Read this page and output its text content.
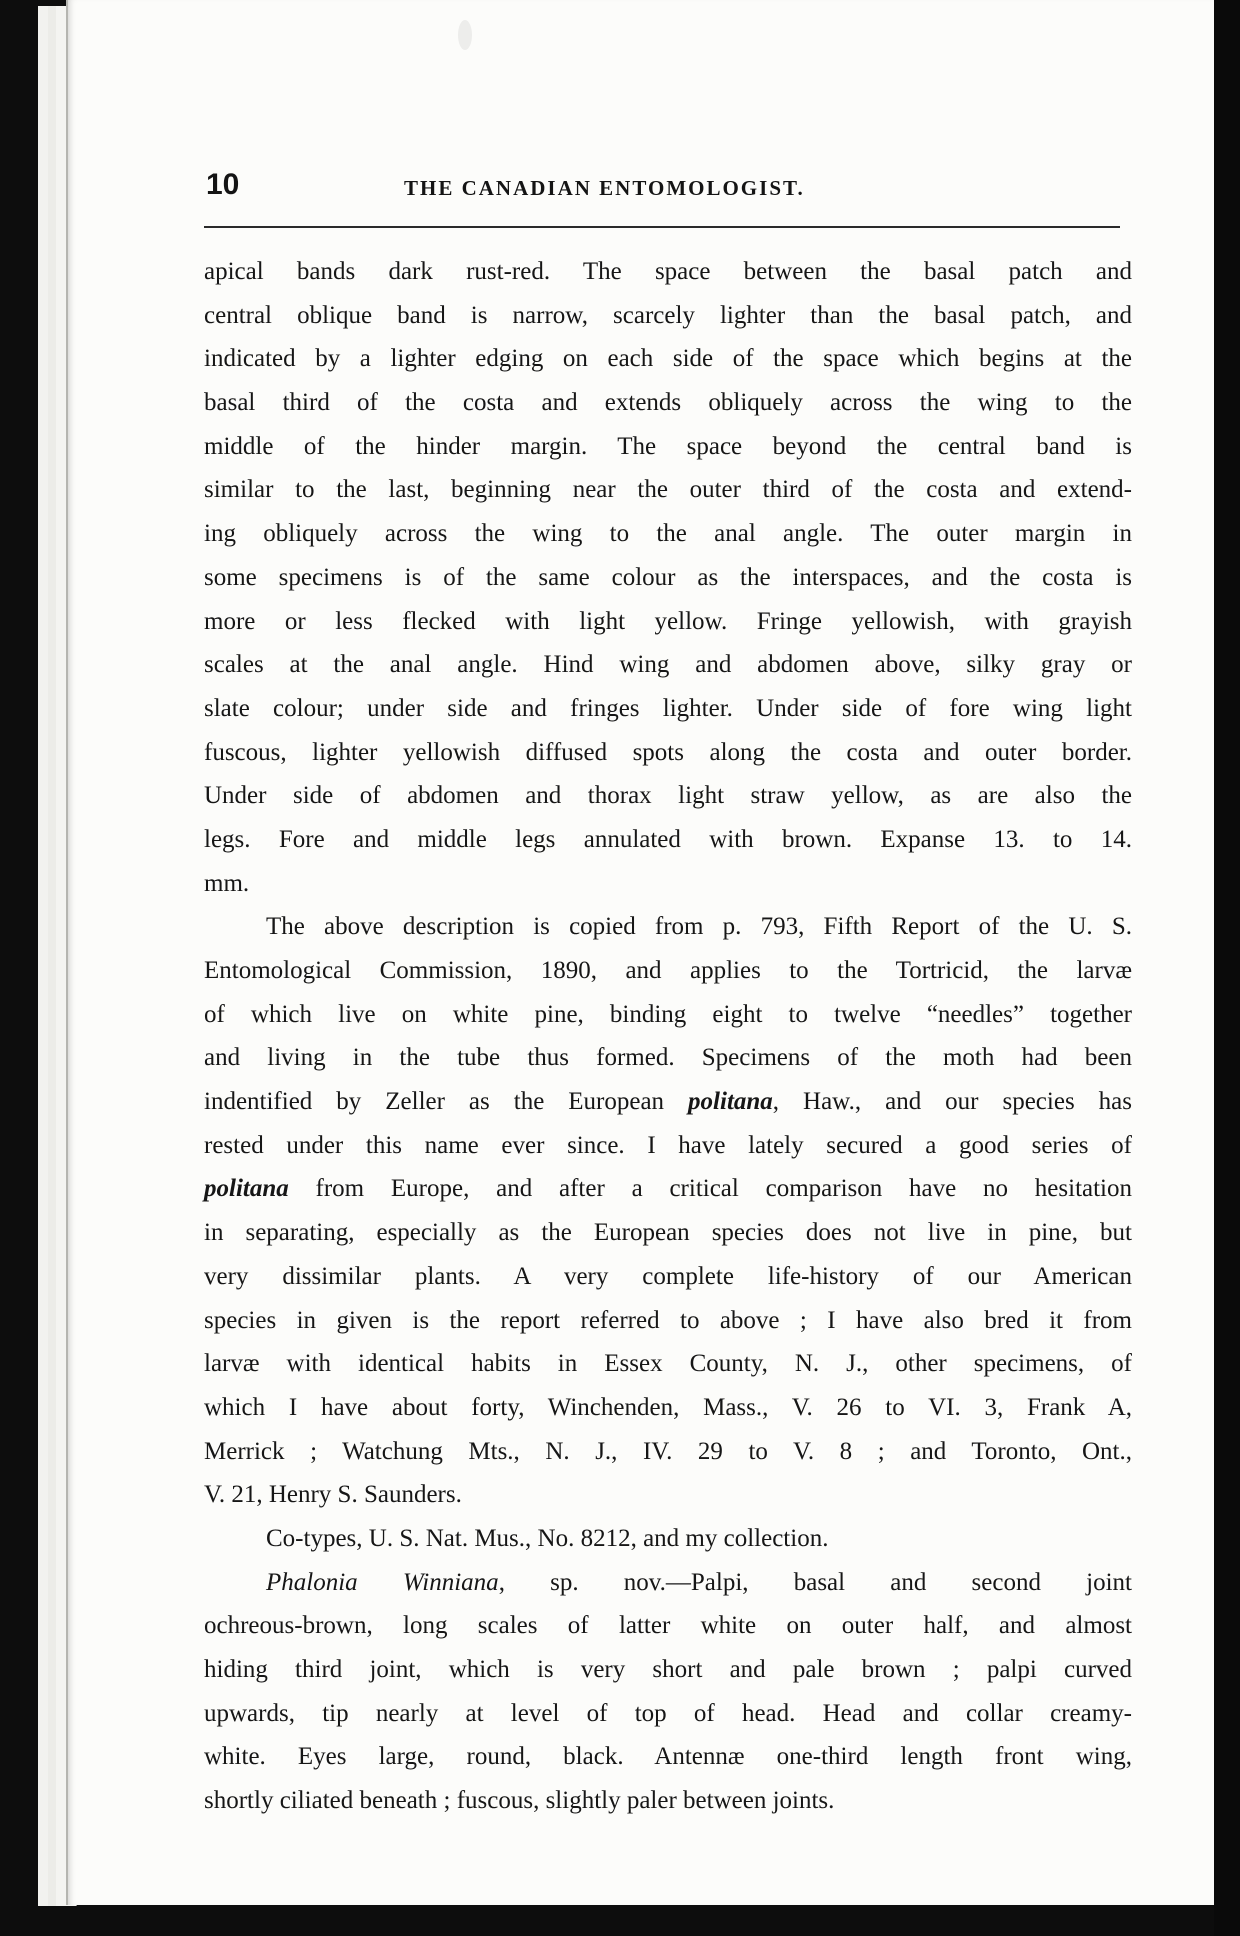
10	THE CANADIAN ENTOMOLOGIST.
apical bands dark rust-red. The space between the basal patch and
central oblique band is narrow, scarcely lighter than the basal patch, and
indicated by a lighter edging on each side of the space which begins at the
basal third of the costa and extends obliquely across the wing to the
middle of the hinder margin. The space beyond the central band is
similar to the last, beginning near the outer third of the costa and extend-
ing obliquely across the wing to the anal angle. The outer margin in
some specimens is of the same colour as the interspaces, and the costa is
more or less flecked with light yellow. Fringe yellowish, with grayish
scales at the anal angle. Hind wing and abdomen above, silky gray or
slate colour; under side and fringes lighter. Under side of fore wing light
fuscous, lighter yellowish diffused spots along the costa and outer border.
Under side of abdomen and thorax light straw yellow, as are also the
legs. Fore and middle legs annulated with brown. Expanse 13. to 14.
mm.
The above description is copied from p. 793, Fifth Report of the U. S.
Entomological Commission, 1890, and applies to the Tortricid, the larvæ
of which live on white pine, binding eight to twelve “needles” together
and living in the tube thus formed. Specimens of the moth had been
indentified by Zeller as the European politana, Haw., and our species has
rested under this name ever since. I have lately secured a good series of
politana from Europe, and after a critical comparison have no hesitation
in separating, especially as the European species does not live in pine, but
very dissimilar plants. A very complete life-history of our American
species in given is the report referred to above ; I have also bred it from
larvæ with identical habits in Essex County, N. J., other specimens, of
which I have about forty, Winchenden, Mass., V. 26 to VI. 3, Frank A,
Merrick ; Watchung Mts., N. J., IV. 29 to V. 8 ; and Toronto, Ont.,
V. 21, Henry S. Saunders.
Co-types, U. S. Nat. Mus., No. 8212, and my collection.
Phalonia Winniana, sp. nov.—Palpi, basal and second joint
ochreous-brown, long scales of latter white on outer half, and almost
hiding third joint, which is very short and pale brown ; palpi curved
upwards, tip nearly at level of top of head. Head and collar creamy-
white. Eyes large, round, black. Antennæ one-third length front wing,
shortly ciliated beneath ; fuscous, slightly paler between joints.
